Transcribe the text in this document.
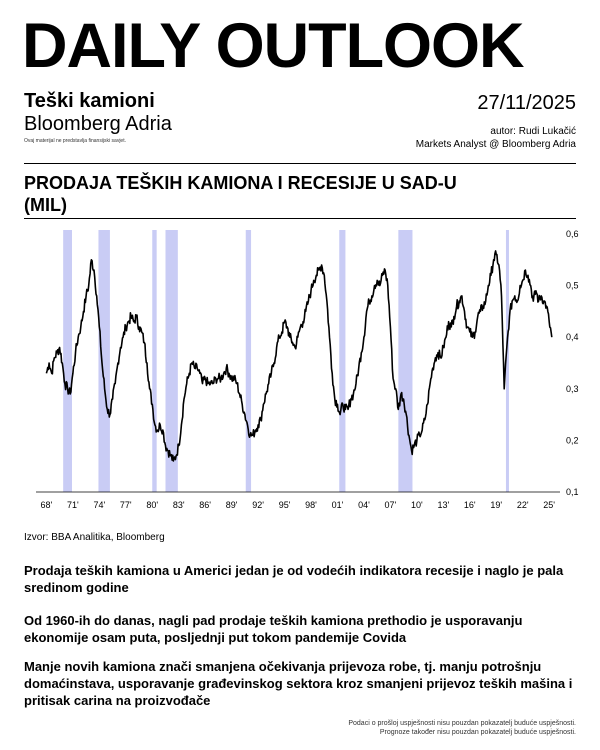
DAILY OUTLOOK
Teški kamioni
Bloomberg Adria
Ovaj materijal ne predstavlja finansijski savjet.
27/11/2025
autor: Rudi Lukačić
Markets Analyst @ Bloomberg Adria
PRODAJA TEŠKIH KAMIONA I RECESIJE U SAD-U (MIL)
0,1
0,2
0,3
0,4
0,5
0,6
68' 71' 74' 77' 80' 83' 86' 89' 92' 95' 98' 01' 04' 07' 10' 13' 16' 19' 22' 25'
Izvor: BBA Analitika, Bloomberg
Prodaja teških kamiona u Americi jedan je od vodećih indikatora recesije i naglo je pala sredinom godine
Od 1960-ih do danas, nagli pad prodaje teških kamiona prethodio je usporavanju ekonomije osam puta, posljednji put tokom pandemije Covida
Manje novih kamiona znači smanjena očekivanja prijevoza robe, tj. manju potrošnju domaćinstava, usporavanje građevinskog sektora kroz smanjeni prijevoz teških mašina i pritisak carina na proizvođače
Podaci o prošloj uspješnosti nisu pouzdan pokazatelj buduće uspješnosti.
Prognoze također nisu pouzdan pokazatelj buduće uspješnosti.
